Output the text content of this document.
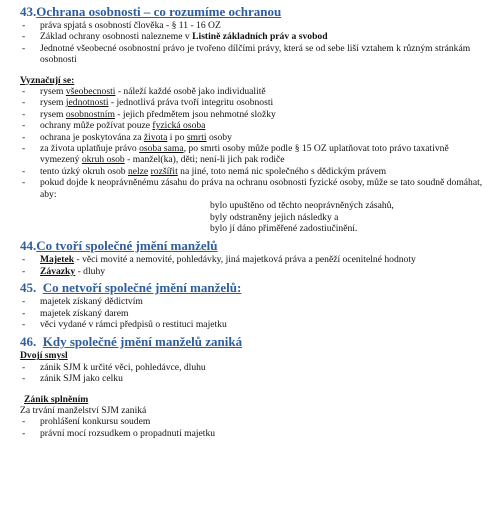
43.Ochrana osobnosti – co rozumíme ochranou
- práva spjatá s osobností člověka - § 11 - 16 OZ
- Základ ochrany osobnosti nalezneme v Listině základních práv a svobod
- Jednotné všeobecné osobnostní právo je tvořeno dílčími právy, která se od sebe liší vztahem k různým stránkám osobnosti
Vyznačují se:
- rysem všeobecnosti - náleží každé osobě jako individualitě
- rysem jednotnosti - jednotlivá práva tvoří integritu osobnosti
- rysem osobnostním - jejich předmětem jsou nehmotné složky
- ochrany může požívat pouze fyzická osoba
- ochrana je poskytována za života i po smrti osoby
- za života uplatňuje právo osoba sama, po smrti osoby může podle § 15 OZ uplatňovat toto právo taxativně vymezený okruh osob - manžel(ka), děti; není-li jich pak rodiče
- tento úzký okruh osob nelze rozšířit na jiné, toto nemá nic společného s dědickým právem
- pokud dojde k neoprávněnému zásahu do práva na ochranu osobnosti fyzické osoby, může se tato soudně domáhat, aby:
bylo upuštěno od těchto neoprávněných zásahů,
byly odstraněny jejich následky a
bylo jí dáno přiměřené zadostiučinění.
44.Co tvoří společné jmění manželů
- Majetek - věci movité a nemovité, pohledávky, jiná majetková práva a peněží ocenitelné hodnoty
- Závazky - dluhy
45. Co netvoří společné jmění manželů:
- majetek získaný dědictvím
- majetek získaný darem
- věci vydané v rámci předpisů o restituci majetku
46. Kdy společné jmění manželů zaniká
Dvojí smysl
- zánik SJM k určité věci, pohledávce, dluhu
- zánik SJM jako celku
Zánik splněním
Za trvání manželství SJM zaniká
- prohlášení konkursu soudem
- právní mocí rozsudkem o propadnutí majetku
